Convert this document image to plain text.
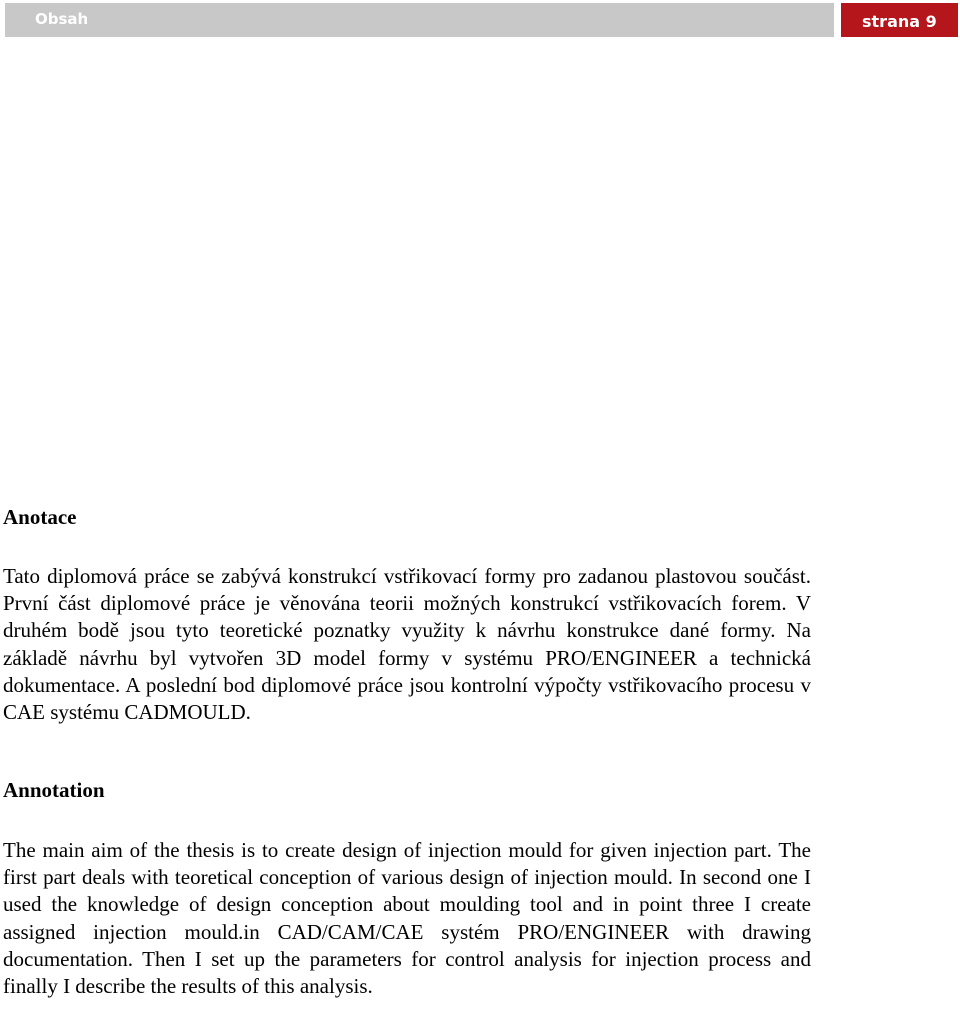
Obsah	strana 9
Anotace

Tato diplomová práce se zabývá konstrukcí vstřikovací formy pro zadanou plastovou součást. První část diplomové práce je věnována teorii možných konstrukcí vstřikovacích forem. V druhém bodě jsou tyto teoretické poznatky využity k návrhu konstrukce dané formy. Na základě návrhu byl vytvořen 3D model formy v systému PRO/ENGINEER a technická dokumentace. A poslední bod diplomové práce jsou kontrolní výpočty vstřikovacího procesu v CAE systému CADMOULD.

Annotation

The main aim of the thesis is to create design of injection mould for given injection part. The first part deals with teoretical conception of various design of injection mould. In second one I used the knowledge of design conception about moulding tool and in point three I create assigned injection mould.in CAD/CAM/CAE systém PRO/ENGINEER with drawing documentation. Then I set up the parameters for control analysis for injection process and finally I describe the results of this analysis.
